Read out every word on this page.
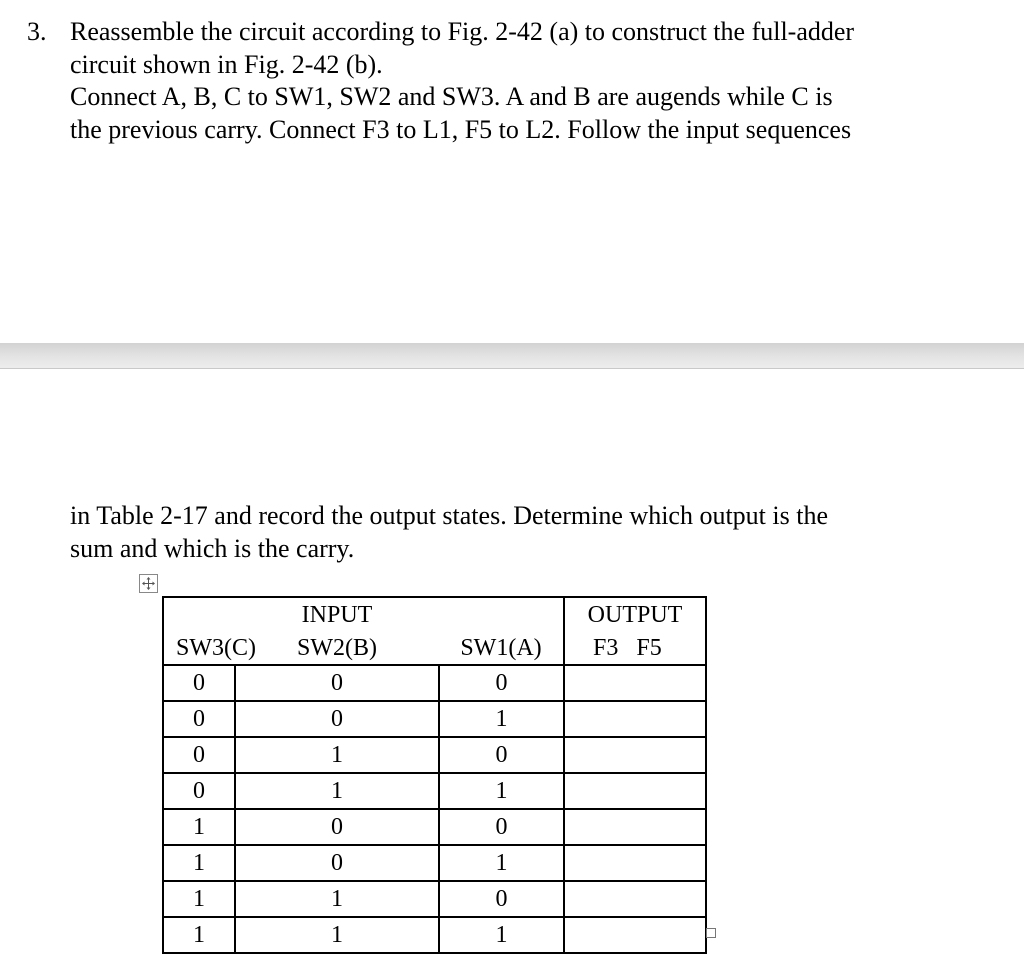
3. Reassemble the circuit according to Fig. 2-42 (a) to construct the full-adder
circuit shown in Fig. 2-42 (b).
Connect A, B, C to SW1, SW2 and SW3. A and B are augends while C is
the previous carry. Connect F3 to L1, F5 to L2. Follow the input sequences
in Table 2-17 and record the output states. Determine which output is the
sum and which is the carry.
	INPUT		OUTPUT
SW3(C)	SW2(B)	SW1(A)	F3 F5
0	0	0	
0	0	1	
0	1	0	
0	1	1	
1	0	0	
1	0	1	
1	1	0	
1	1	1	
